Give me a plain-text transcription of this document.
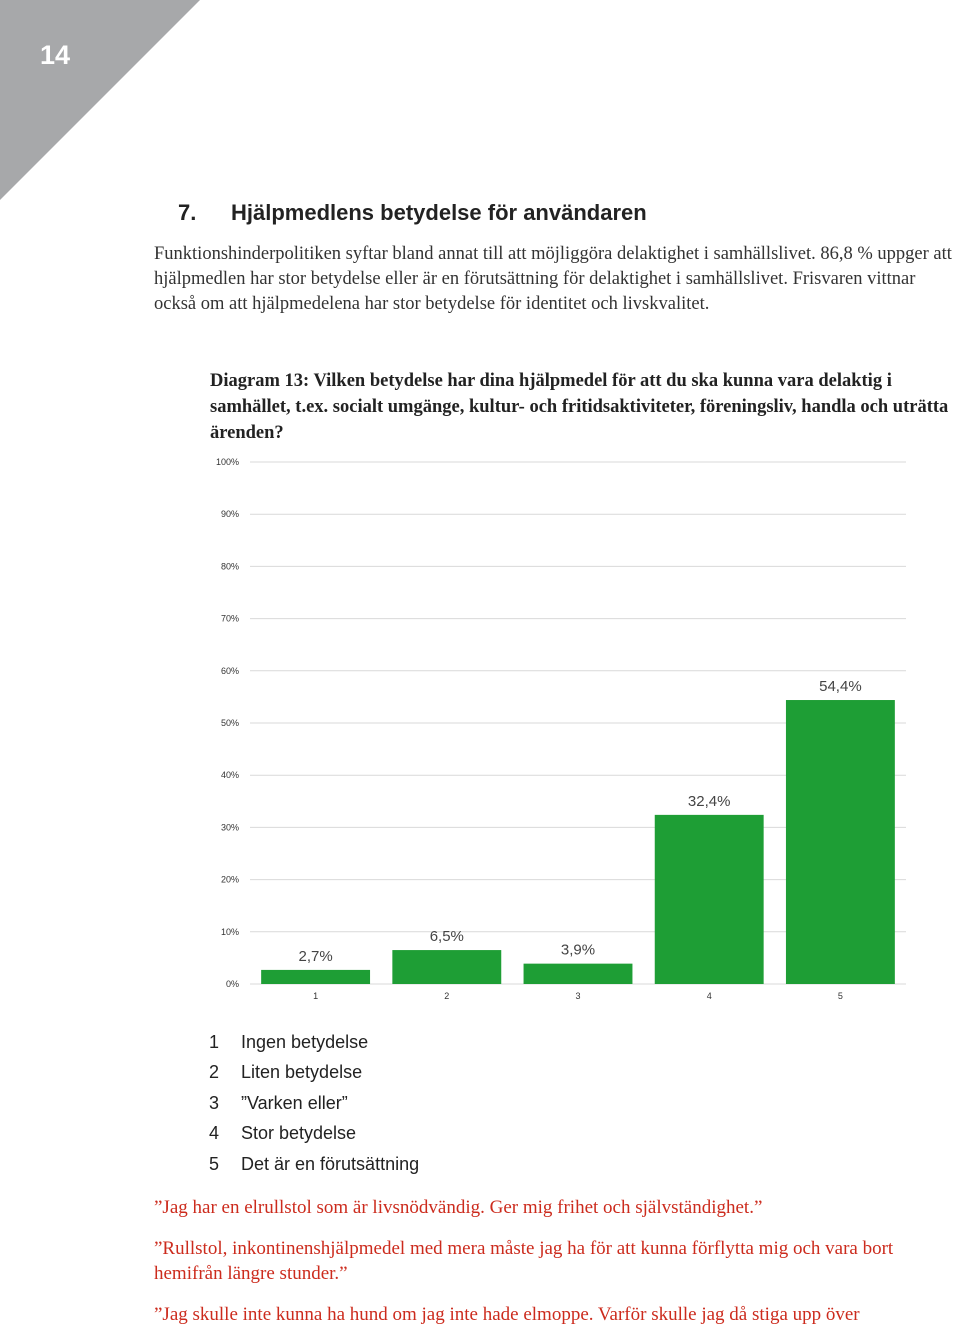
14
7. Hjälpmedlens betydelse för användaren

Funktionshinderpolitiken syftar bland annat till att möjliggöra delaktighet i samhällslivet. 86,8 % uppger att hjälpmedlen har stor betydelse eller är en förutsättning för delaktighet i samhällslivet. Frisvaren vittnar också om att hjälpmedelena har stor betydelse för identitet och livskvalitet.

Diagram 13: Vilken betydelse har dina hjälpmedel för att du ska kunna vara delaktig i samhället, t.ex. socialt umgänge, kultur- och fritidsaktiviteter, föreningsliv, handla och uträtta ärenden?

0%
10%
20%
30%
40%
50%
60%
70%
80%
90%
100%
2,7%
6,5%
3,9%
32,4%
54,4%
1	2	3	4	5
1 Ingen betydelse
2 Liten betydelse
3 ”Varken eller”
4 Stor betydelse
5 Det är en förutsättning

”Jag har en elrullstol som är livsnödvändig. Ger mig frihet och självständighet.”

”Rullstol, inkontinenshjälpmedel med mera måste jag ha för att kunna förflytta mig och vara bort hemifrån längre stunder.”

”Jag skulle inte kunna ha hund om jag inte hade elmoppe. Varför skulle jag då stiga upp över
